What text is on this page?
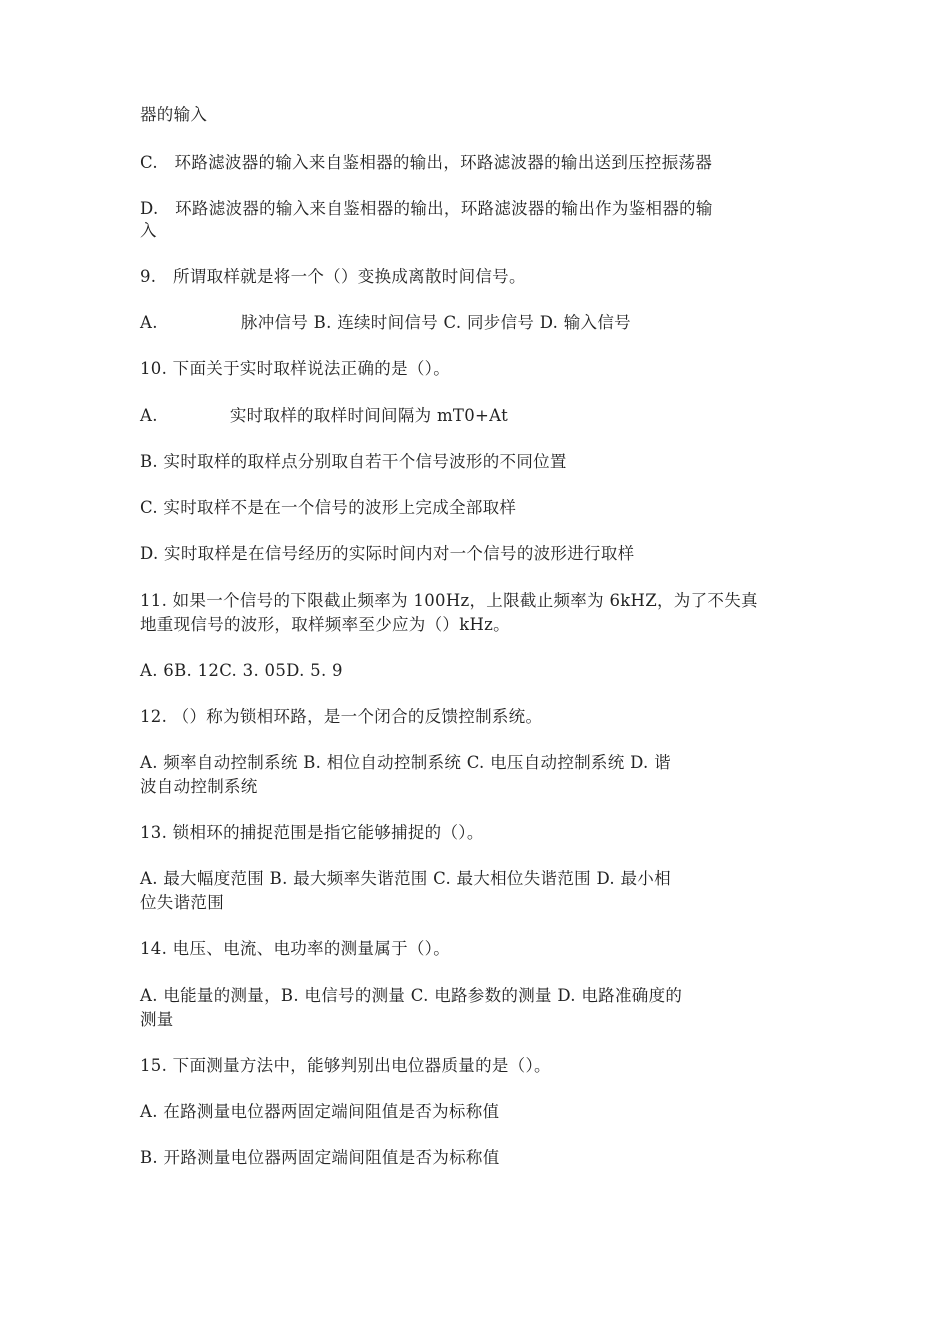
器的输入
C.   环路滤波器的输入来自鉴相器的输出，环路滤波器的输出送到压控振荡器
D.   环路滤波器的输入来自鉴相器的输出，环路滤波器的输出作为鉴相器的输
入
9.   所谓取样就是将一个（）变换成离散时间信号。
A.               脉冲信号 B. 连续时间信号 C. 同步信号 D. 输入信号
10. 下面关于实时取样说法正确的是（）。
A.             实时取样的取样时间间隔为 mT0+At
B. 实时取样的取样点分别取自若干个信号波形的不同位置
C. 实时取样不是在一个信号的波形上完成全部取样
D. 实时取样是在信号经历的实际时间内对一个信号的波形进行取样
11. 如果一个信号的下限截止频率为 100Hz，上限截止频率为 6kHZ，为了不失真
地重现信号的波形，取样频率至少应为（）kHz。
A. 6B. 12C. 3. 05D. 5. 9
12. （）称为锁相环路，是一个闭合的反馈控制系统。
A. 频率自动控制系统 B. 相位自动控制系统 C. 电压自动控制系统 D. 谐
波自动控制系统
13. 锁相环的捕捉范围是指它能够捕捉的（）。
A. 最大幅度范围 B. 最大频率失谐范围 C. 最大相位失谐范围 D. 最小相
位失谐范围
14. 电压、电流、电功率的测量属于（）。
A. 电能量的测量，B. 电信号的测量 C. 电路参数的测量 D. 电路准确度的
测量
15. 下面测量方法中，能够判别出电位器质量的是（）。
A. 在路测量电位器两固定端间阻值是否为标称值
B. 开路测量电位器两固定端间阻值是否为标称值
